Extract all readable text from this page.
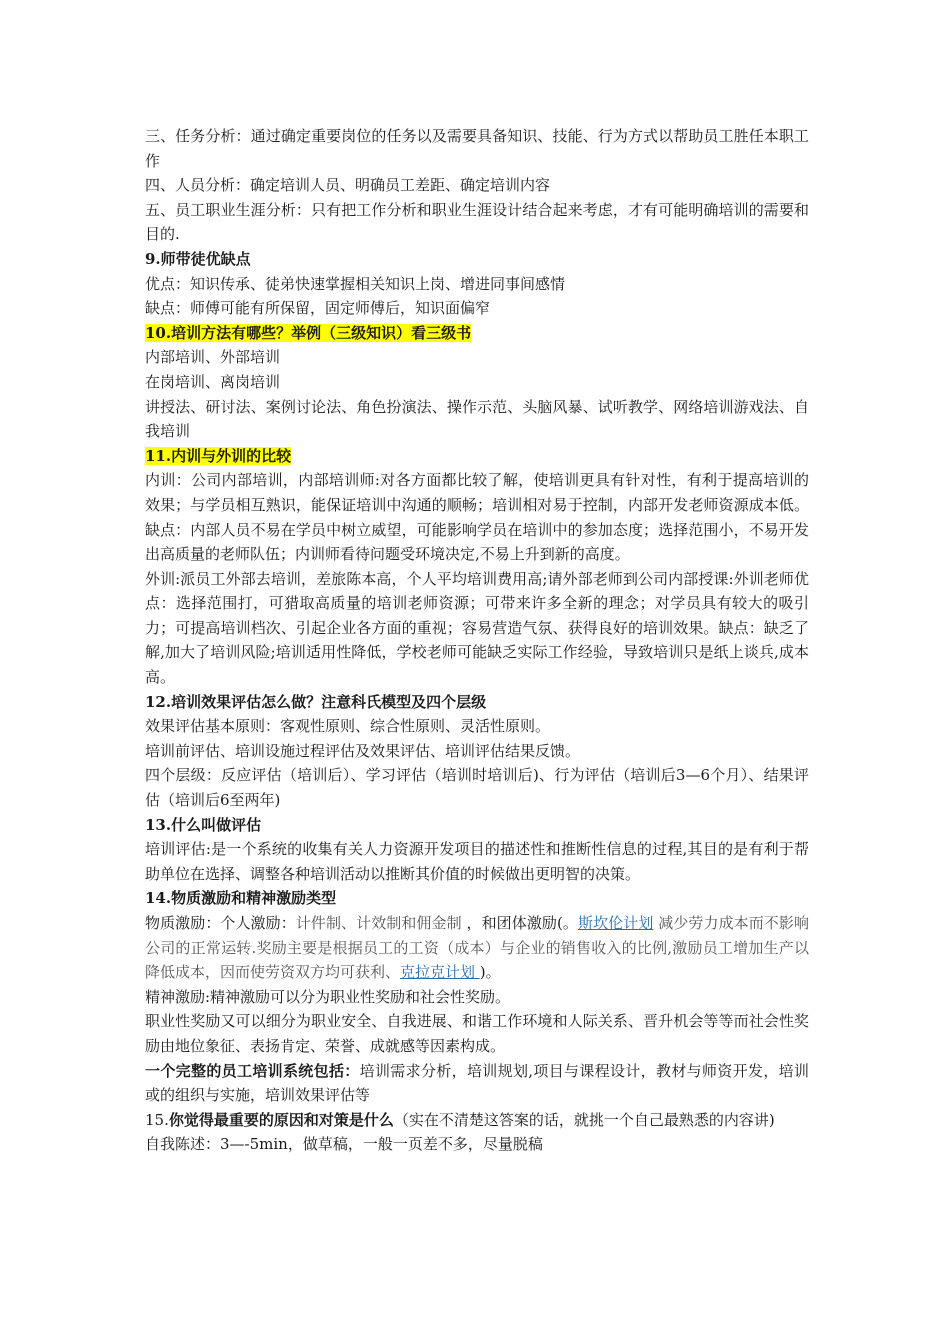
三、任务分析：通过确定重要岗位的任务以及需要具备知识、技能、行为方式以帮助员工胜任本职工作

四、人员分析：确定培训人员、明确员工差距、确定培训内容

五、员工职业生涯分析：只有把工作分析和职业生涯设计结合起来考虑，才有可能明确培训的需要和目的.

9.师带徒优缺点

优点：知识传承、徒弟快速掌握相关知识上岗、增进同事间感情

缺点：师傅可能有所保留，固定师傅后，知识面偏窄

10.培训方法有哪些？举例（三级知识）看三级书

内部培训、外部培训

在岗培训、离岗培训

讲授法、研讨法、案例讨论法、角色扮演法、操作示范、头脑风暴、试听教学、网络培训游戏法、自我培训

11.内训与外训的比较

内训：公司内部培训，内部培训师:对各方面都比较了解，使培训更具有针对性，有利于提高培训的效果；与学员相互熟识，能保证培训中沟通的顺畅；培训相对易于控制，内部开发老师资源成本低。缺点：内部人员不易在学员中树立威望，可能影响学员在培训中的参加态度；选择范围小，不易开发出高质量的老师队伍；内训师看待问题受环境决定,不易上升到新的高度。

外训:派员工外部去培训，差旅陈本高，个人平均培训费用高;请外部老师到公司内部授课:外训老师优点：选择范围打，可猎取高质量的培训老师资源；可带来许多全新的理念；对学员具有较大的吸引力；可提高培训档次、引起企业各方面的重视；容易营造气氛、获得良好的培训效果。缺点：缺乏了解,加大了培训风险;培训适用性降低，学校老师可能缺乏实际工作经验，导致培训只是纸上谈兵,成本高。

12.培训效果评估怎么做？注意科氏模型及四个层级

效果评估基本原则：客观性原则、综合性原则、灵活性原则。

培训前评估、培训设施过程评估及效果评估、培训评估结果反馈。

四个层级：反应评估（培训后）、学习评估（培训时培训后)、行为评估（培训后3—6个月）、结果评估（培训后6至两年)

13.什么叫做评估

培训评估:是一个系统的收集有关人力资源开发项目的描述性和推断性信息的过程,其目的是有利于帮助单位在选择、调整各种培训活动以推断其价值的时候做出更明智的决策。

14.物质激励和精神激励类型

物质激励：个人激励：计件制、计效制和佣金制 ，和团体激励(。斯坎伦计划 减少劳力成本而不影响公司的正常运转.奖励主要是根据员工的工资（成本）与企业的销售收入的比例,激励员工增加生产以降低成本，因而使劳资双方均可获利、克拉克计划 )。

精神激励:精神激励可以分为职业性奖励和社会性奖励。

职业性奖励又可以细分为职业安全、自我进展、和谐工作环境和人际关系、晋升机会等等而社会性奖励由地位象征、表扬肯定、荣誉、成就感等因素构成。

一个完整的员工培训系统包括：培训需求分析，培训规划,项目与课程设计，教材与师资开发，培训或的组织与实施，培训效果评估等

15.你觉得最重要的原因和对策是什么（实在不清楚这答案的话，就挑一个自己最熟悉的内容讲)

自我陈述：3—-5min，做草稿，一般一页差不多，尽量脱稿
